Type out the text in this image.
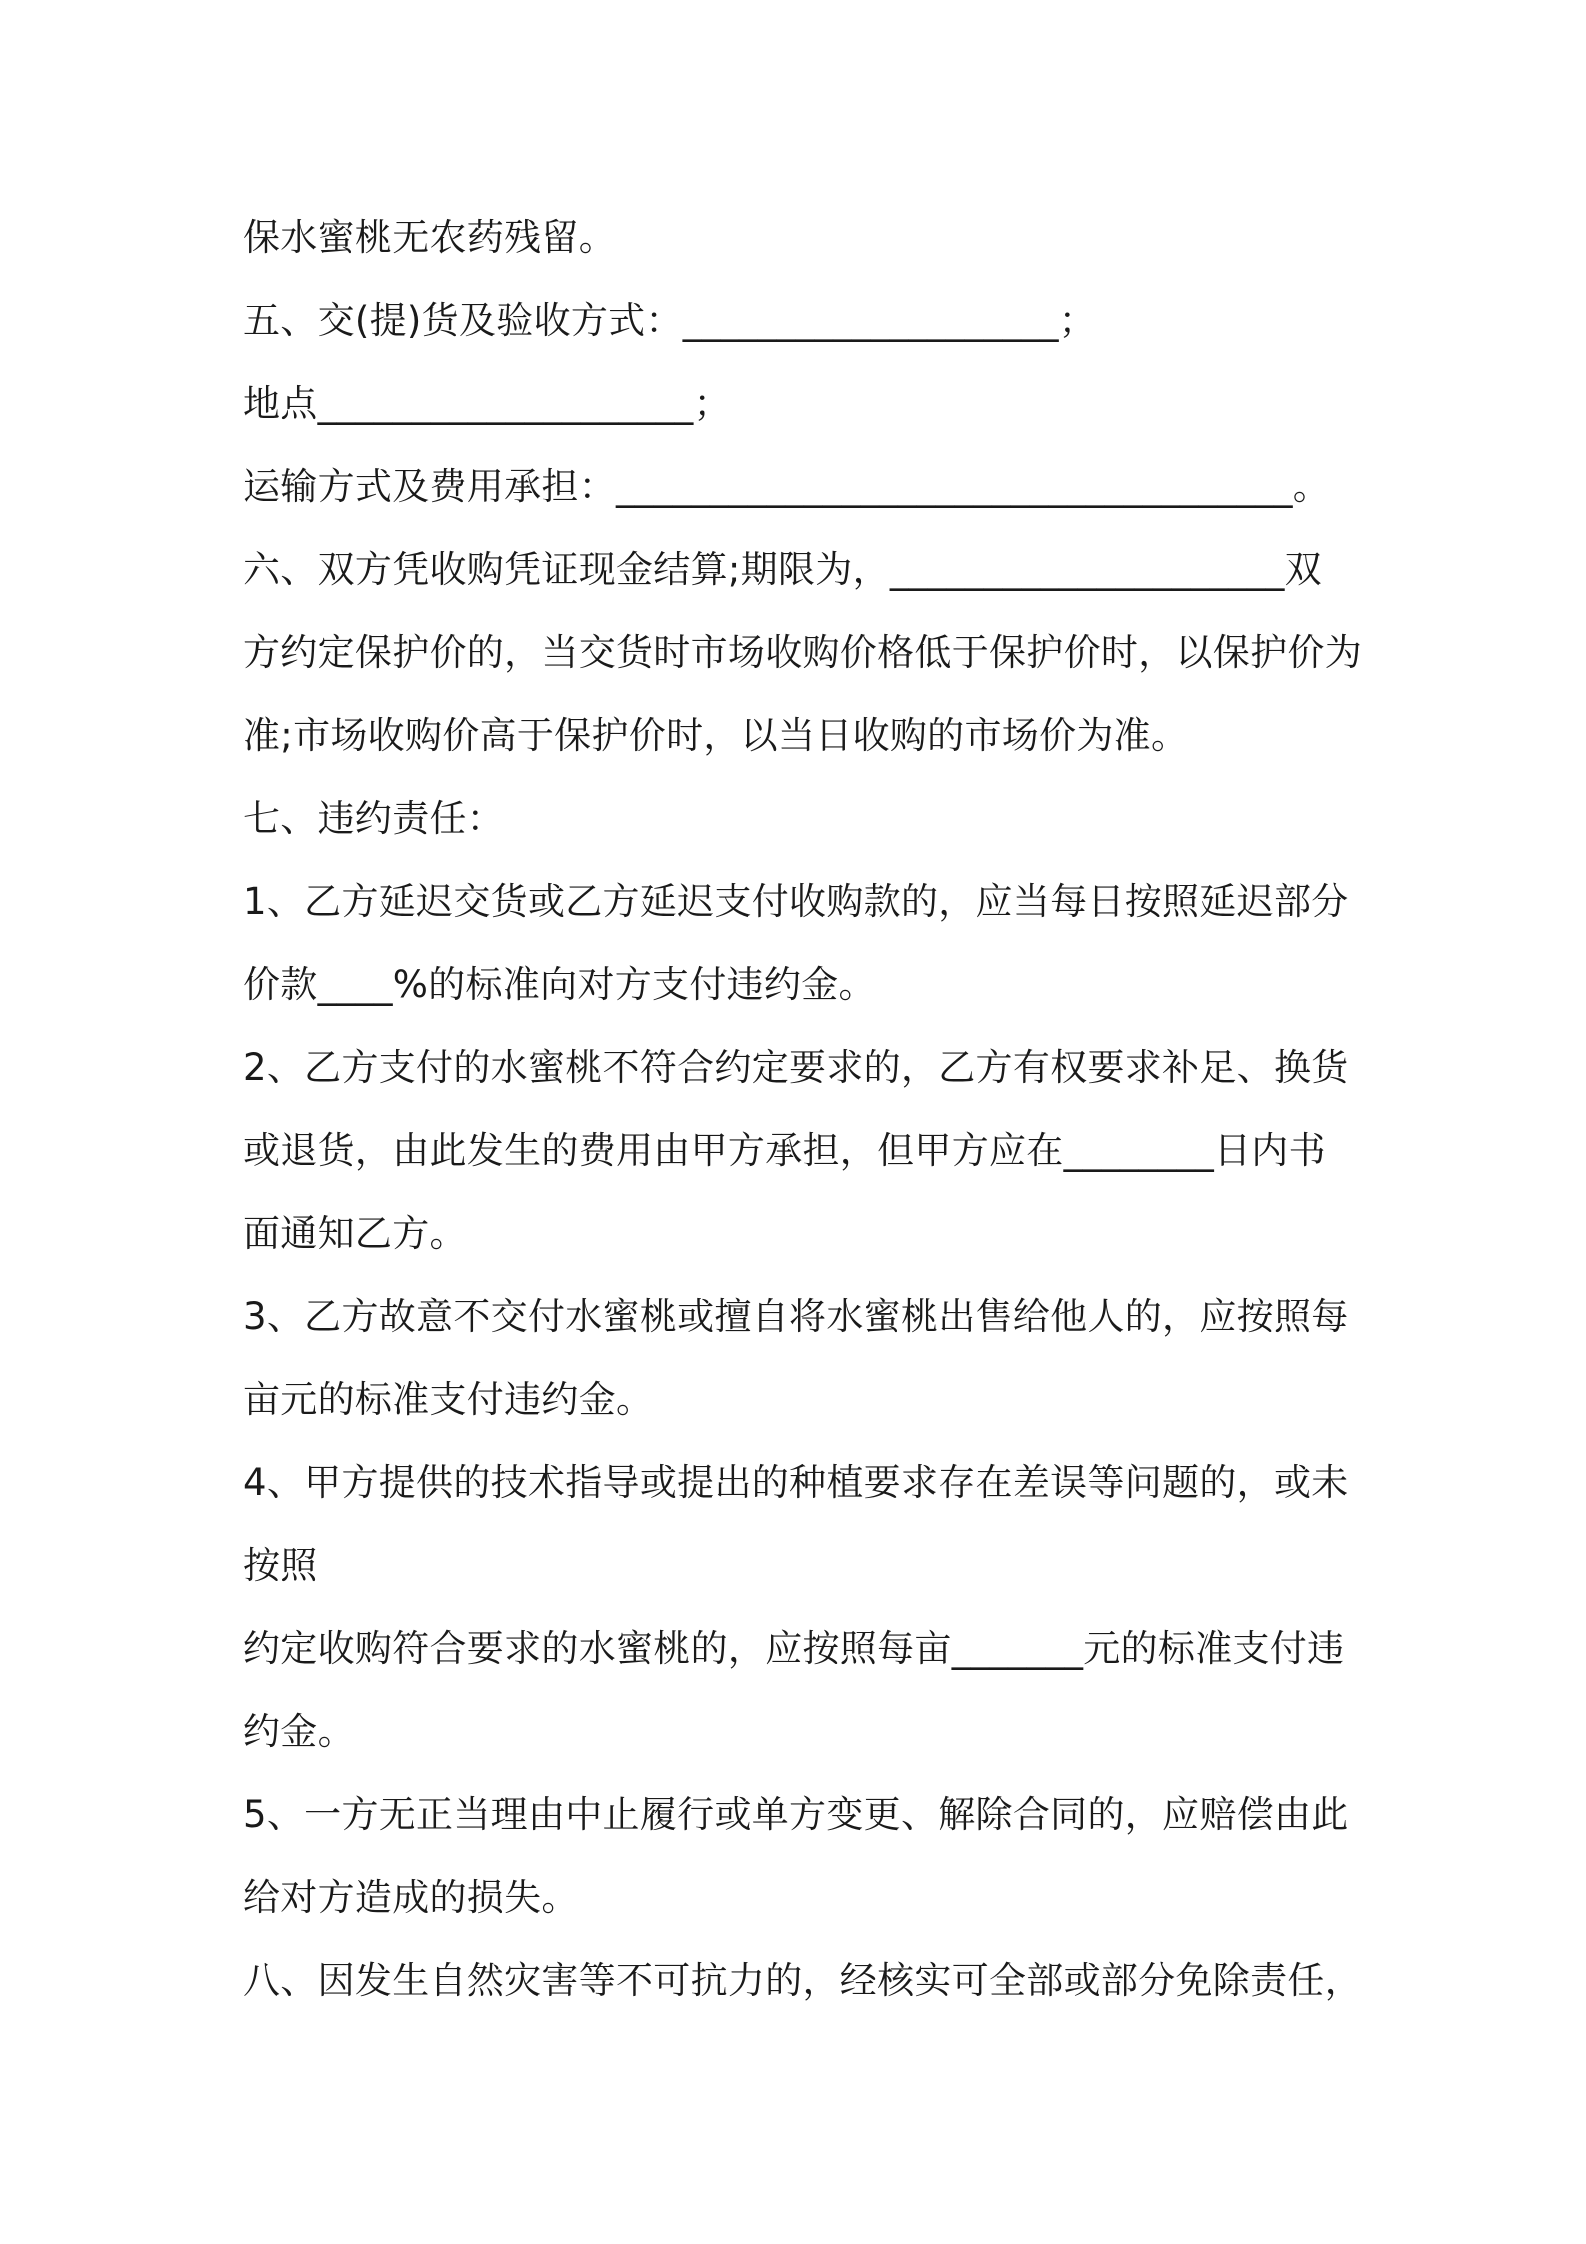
保水蜜桃无农药残留。
五、交(提)货及验收方式：____________________；
地点____________________；
运输方式及费用承担：____________________________________。
六、双方凭收购凭证现金结算;期限为，_____________________双
方约定保护价的，当交货时市场收购价格低于保护价时，以保护价为
准;市场收购价高于保护价时，以当日收购的市场价为准。
七、违约责任：
1、乙方延迟交货或乙方延迟支付收购款的，应当每日按照延迟部分
价款____%的标准向对方支付违约金。
2、乙方支付的水蜜桃不符合约定要求的，乙方有权要求补足、换货
或退货，由此发生的费用由甲方承担，但甲方应在________日内书
面通知乙方。
3、乙方故意不交付水蜜桃或擅自将水蜜桃出售给他人的，应按照每
亩元的标准支付违约金。
4、甲方提供的技术指导或提出的种植要求存在差误等问题的，或未
按照
约定收购符合要求的水蜜桃的，应按照每亩_______元的标准支付违
约金。
5、一方无正当理由中止履行或单方变更、解除合同的，应赔偿由此
给对方造成的损失。
八、因发生自然灾害等不可抗力的，经核实可全部或部分免除责任，
